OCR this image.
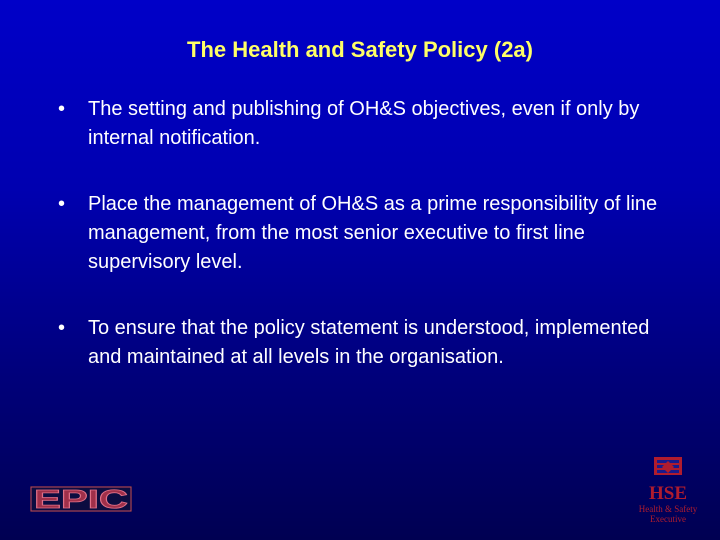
The Health and Safety Policy (2a)
• The setting and publishing of OH&S objectives, even if only by internal notification.
• Place the management of OH&S as a prime responsibility of line management, from the most senior executive to first line supervisory level.
• To ensure that the policy statement is understood, implemented and maintained at all levels in the organisation.
EPIC	HSE
Health & Safety
Executive
